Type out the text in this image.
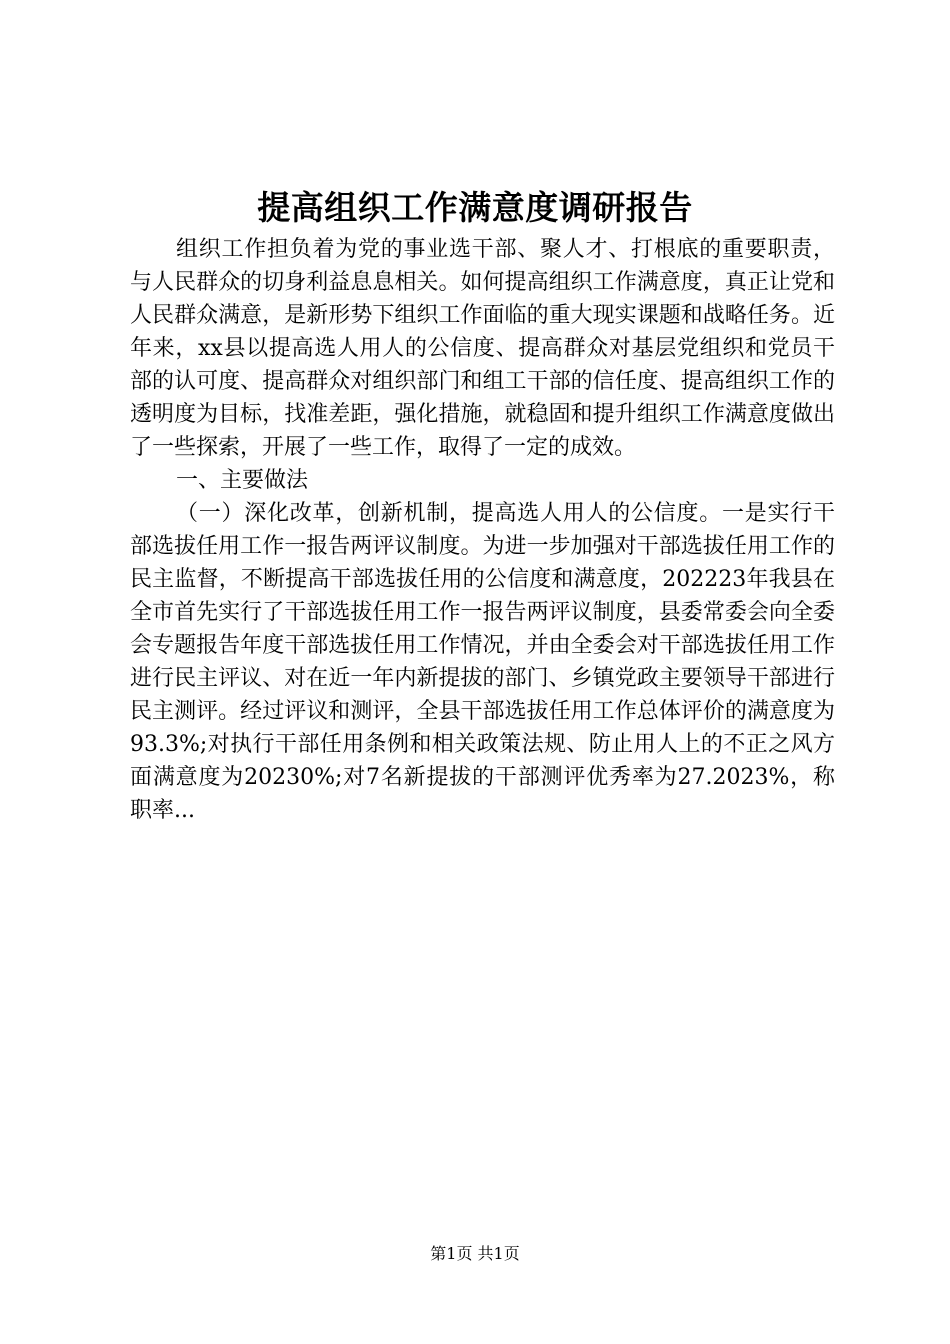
提高组织工作满意度调研报告

组织工作担负着为党的事业选干部、聚人才、打根底的重要职责，与人民群众的切身利益息息相关。如何提高组织工作满意度，真正让党和人民群众满意，是新形势下组织工作面临的重大现实课题和战略任务。近年来，xx县以提高选人用人的公信度、提高群众对基层党组织和党员干部的认可度、提高群众对组织部门和组工干部的信任度、提高组织工作的透明度为目标，找准差距，强化措施，就稳固和提升组织工作满意度做出了一些探索，开展了一些工作，取得了一定的成效。

一、主要做法

（一）深化改革，创新机制，提高选人用人的公信度。一是实行干部选拔任用工作一报告两评议制度。为进一步加强对干部选拔任用工作的民主监督，不断提高干部选拔任用的公信度和满意度，202223年我县在全市首先实行了干部选拔任用工作一报告两评议制度，县委常委会向全委会专题报告年度干部选拔任用工作情况，并由全委会对干部选拔任用工作进行民主评议、对在近一年内新提拔的部门、乡镇党政主要领导干部进行民主测评。经过评议和测评，全县干部选拔任用工作总体评价的满意度为93.3%;对执行干部任用条例和相关政策法规、防止用人上的不正之风方面满意度为20230%;对7名新提拔的干部测评优秀率为27.2023%，称职率...

第1页 共1页
